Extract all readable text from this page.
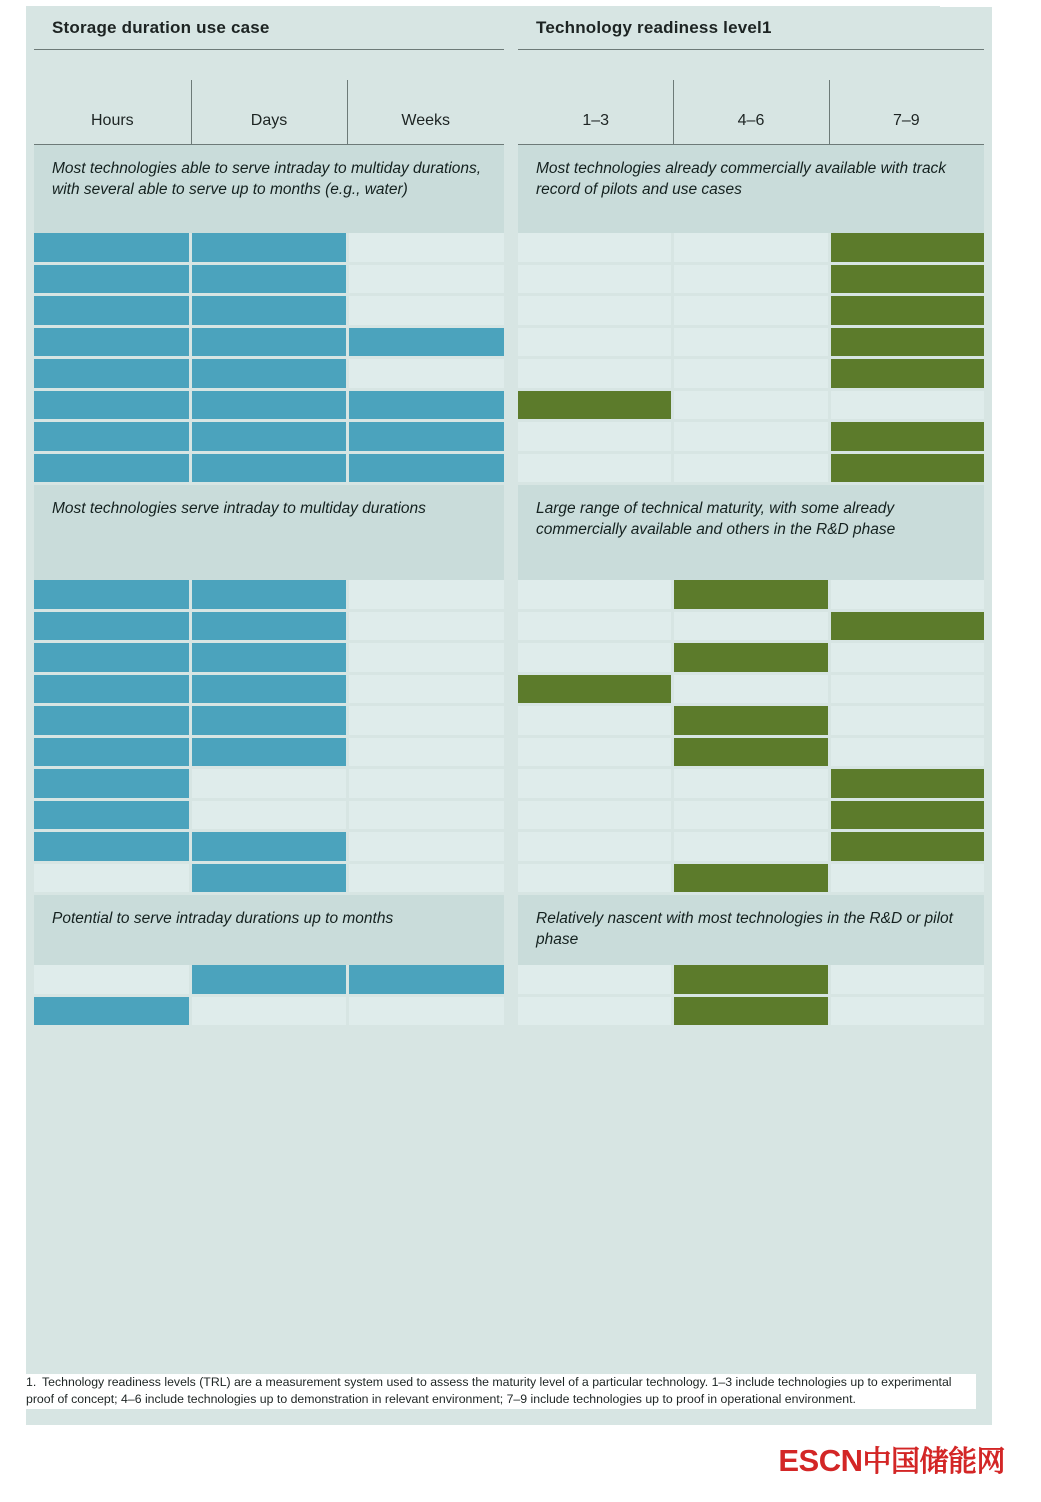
Storage duration use case
Hours	Days	Weeks
Most technologies able to serve intraday to multiday durations, with several able to serve up to months (e.g., water)
Most technologies serve intraday to multiday durations
Potential to serve intraday durations up to months
Technology readiness level 1
1–3	4–6	7–9
Most technologies already commercially available with track record of pilots and use cases
Large range of technical maturity, with some already commercially available and others in the R&D phase
Relatively nascent with most technologies in the R&D or pilot phase
1. Technology readiness levels (TRL) are a measurement system used to assess the maturity level of a particular technology. 1–3 include technologies up to experimental proof of concept; 4–6 include technologies up to demonstration in relevant environment; 7–9 include technologies up to proof in operational environment.
ESCN中国储能网
